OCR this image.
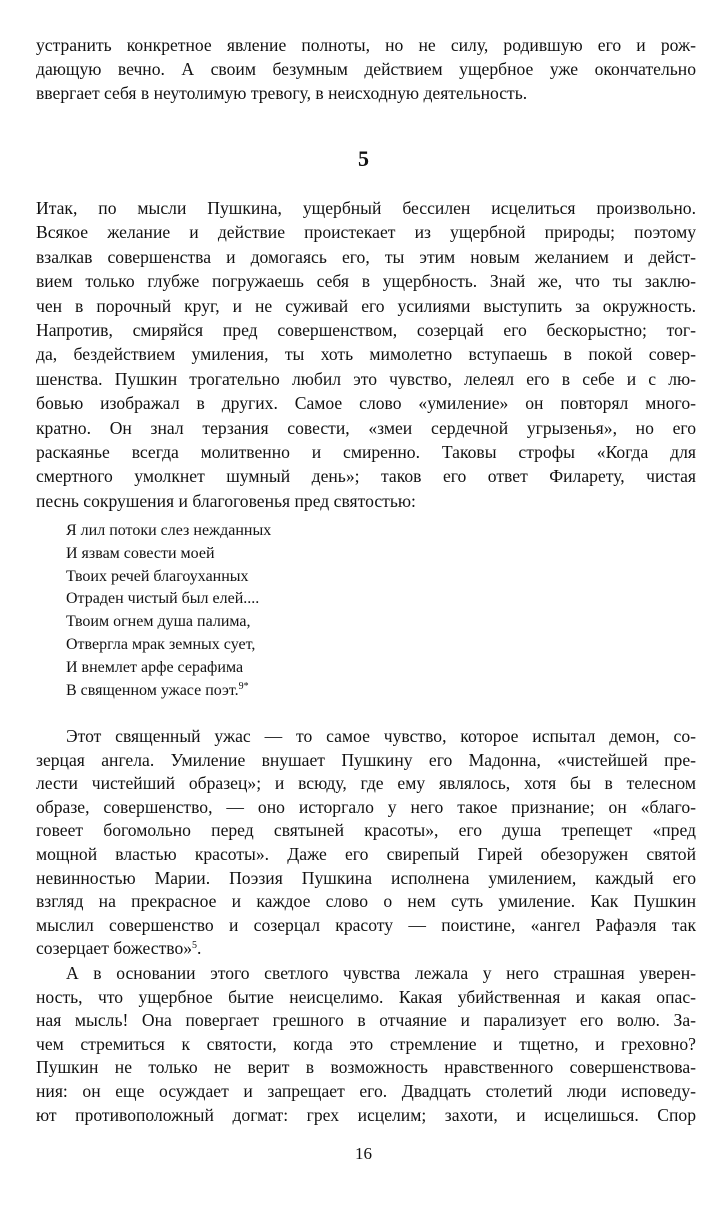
устранить конкретное явление полноты, но не силу, родившую его и рож-
дающую вечно. А своим безумным действием ущербное уже окончательно
ввергает себя в неутолимую тревогу, в неисходную деятельность.
5
Итак, по мысли Пушкина, ущербный бессилен исцелиться произвольно.
Всякое желание и действие проистекает из ущербной природы; поэтому
взалкав совершенства и домогаясь его, ты этим новым желанием и дейст-
вием только глубже погружаешь себя в ущербность. Знай же, что ты заклю-
чен в порочный круг, и не суживай его усилиями выступить за окружность.
Напротив, смиряйся пред совершенством, созерцай его бескорыстно; тог-
да, бездействием умиления, ты хоть мимолетно вступаешь в покой совер-
шенства. Пушкин трогательно любил это чувство, лелеял его в себе и с лю-
бовью изображал в других. Самое слово «умиление» он повторял много-
кратно. Он знал терзания совести, «змеи сердечной угрызенья», но его
раскаянье всегда молитвенно и смиренно. Таковы строфы «Когда для
смертного умолкнет шумный день»; таков его ответ Филарету, чистая
песнь сокрушения и благоговенья пред святостью:
Я лил потоки слез нежданных
И язвам совести моей
Твоих речей благоуханных
Отраден чистый был елей....
Твоим огнем душа палима,
Отвергла мрак земных сует,
И внемлет арфе серафима
В священном ужасе поэт.$^{9*}$
Этот священный ужас — то самое чувство, которое испытал демон, со-
зерцая ангела. Умиление внушает Пушкину его Мадонна, «чистейшей пре-
лести чистейший образец»; и всюду, где ему являлось, хотя бы в телесном
образе, совершенство, — оно исторгало у него такое признание; он «благо-
говеет богомольно перед святыней красоты», его душа трепещет «пред
мощной властью красоты». Даже его свирепый Гирей обезоружен святой
невинностью Марии. Поэзия Пушкина исполнена умилением, каждый его
взгляд на прекрасное и каждое слово о нем суть умиление. Как Пушкин
мыслил совершенство и созерцал красоту — поистине, «ангел Рафаэля так
созерцает божество»$^5$.
А в основании этого светлого чувства лежала у него страшная уверен-
ность, что ущербное бытие неисцелимо. Какая убийственная и какая опас-
ная мысль! Она повергает грешного в отчаяние и парализует его волю. За-
чем стремиться к святости, когда это стремление и тщетно, и греховно?
Пушкин не только не верит в возможность нравственного совершенствова-
ния: он еще осуждает и запрещает его. Двадцать столетий люди исповеду-
ют противоположный догмат: грех исцелим; захоти, и исцелишься. Спор
16
